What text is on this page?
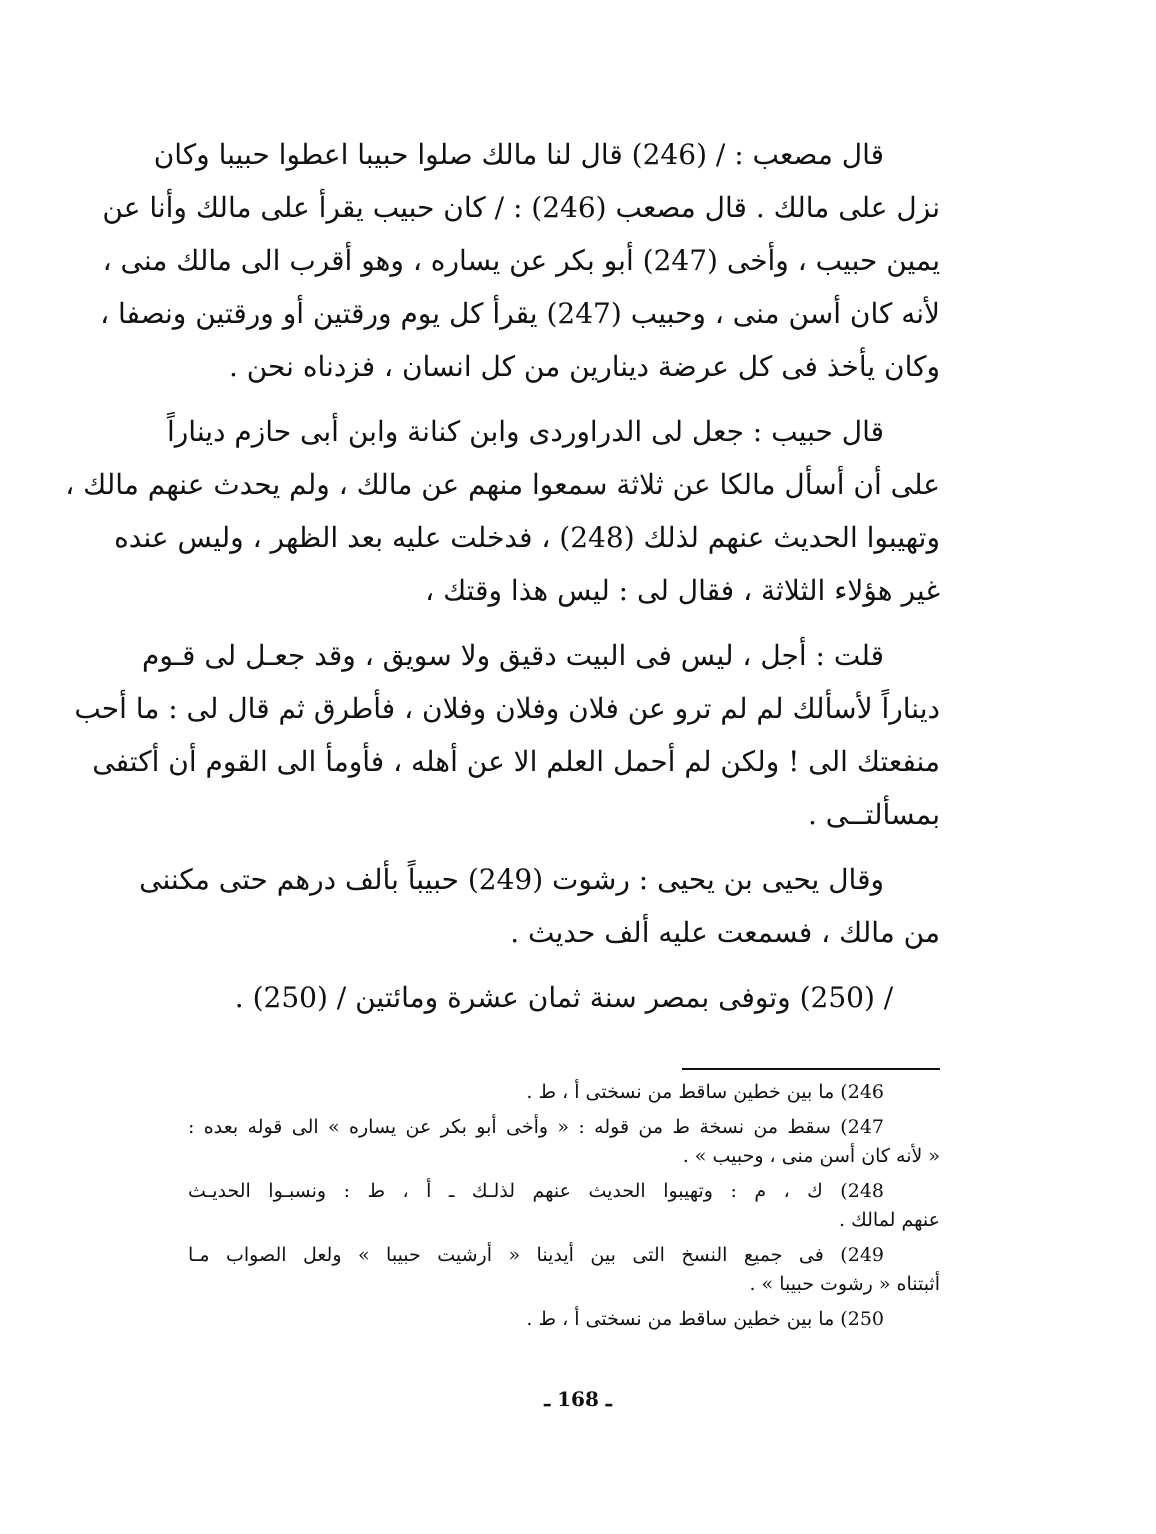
قال مصعب : / (246) قال لنا مالك صلوا حبيبا اعطوا حبيبا وكان
نزل على مالك . قال مصعب (246) : / كان حبيب يقرأ على مالك وأنا عن
يمين حبيب ، وأخى (247) أبو بكر عن يساره ، وهو أقرب الى مالك منى ،
لأنه كان أسن منى ، وحبيب (247) يقرأ كل يوم ورقتين أو ورقتين ونصفا ،
وكان يأخذ فى كل عرضة دينارين من كل انسان ، فزدناه نحن .
قال حبيب : جعل لى الدراوردى وابن كنانة وابن أبى حازم ديناراً
على أن أسأل مالكا عن ثلاثة سمعوا منهم عن مالك ، ولم يحدث عنهم مالك ،
وتهيبوا الحديث عنهم لذلك (248) ، فدخلت عليه بعد الظهر ، وليس عنده
غير هؤلاء الثلاثة ، فقال لى : ليس هذا وقتك ،
قلت : أجل ، ليس فى البيت دقيق ولا سويق ، وقد جعـل لى قـوم
ديناراً لأسألك لم لم ترو عن فلان وفلان وفلان ، فأطرق ثم قال لى : ما أحب
منفعتك الى ! ولكن لم أحمل العلم الا عن أهله ، فأومأ الى القوم أن أكتفى
بمسألتــى .
وقال يحيى بن يحيى : رشوت (249) حبيباً بألف درهم حتى مكننى
من مالك ، فسمعت عليه ألف حديث .
/ (250) وتوفى بمصر سنة ثمان عشرة ومائتين / (250) .
246) ما بين خطين ساقط من نسختى أ ، ط .
247) سقط من نسخة ط من قوله : « وأخى أبو بكر عن يساره » الى قوله بعده :
« لأنه كان أسن منى ، وحبيب » .
248) ك ، م : وتهيبوا الحديث عنهم لذلـك ـ أ ، ط : ونسبـوا الحديـث
عنهم لمالك .
249) فى جميع النسخ التى بين أيدينا « أرشيت حبيبا » ولعل الصواب مـا
أثبتناه « رشوت حبيبا » .
250) ما بين خطين ساقط من نسختى أ ، ط .
ـ 168 ـ
